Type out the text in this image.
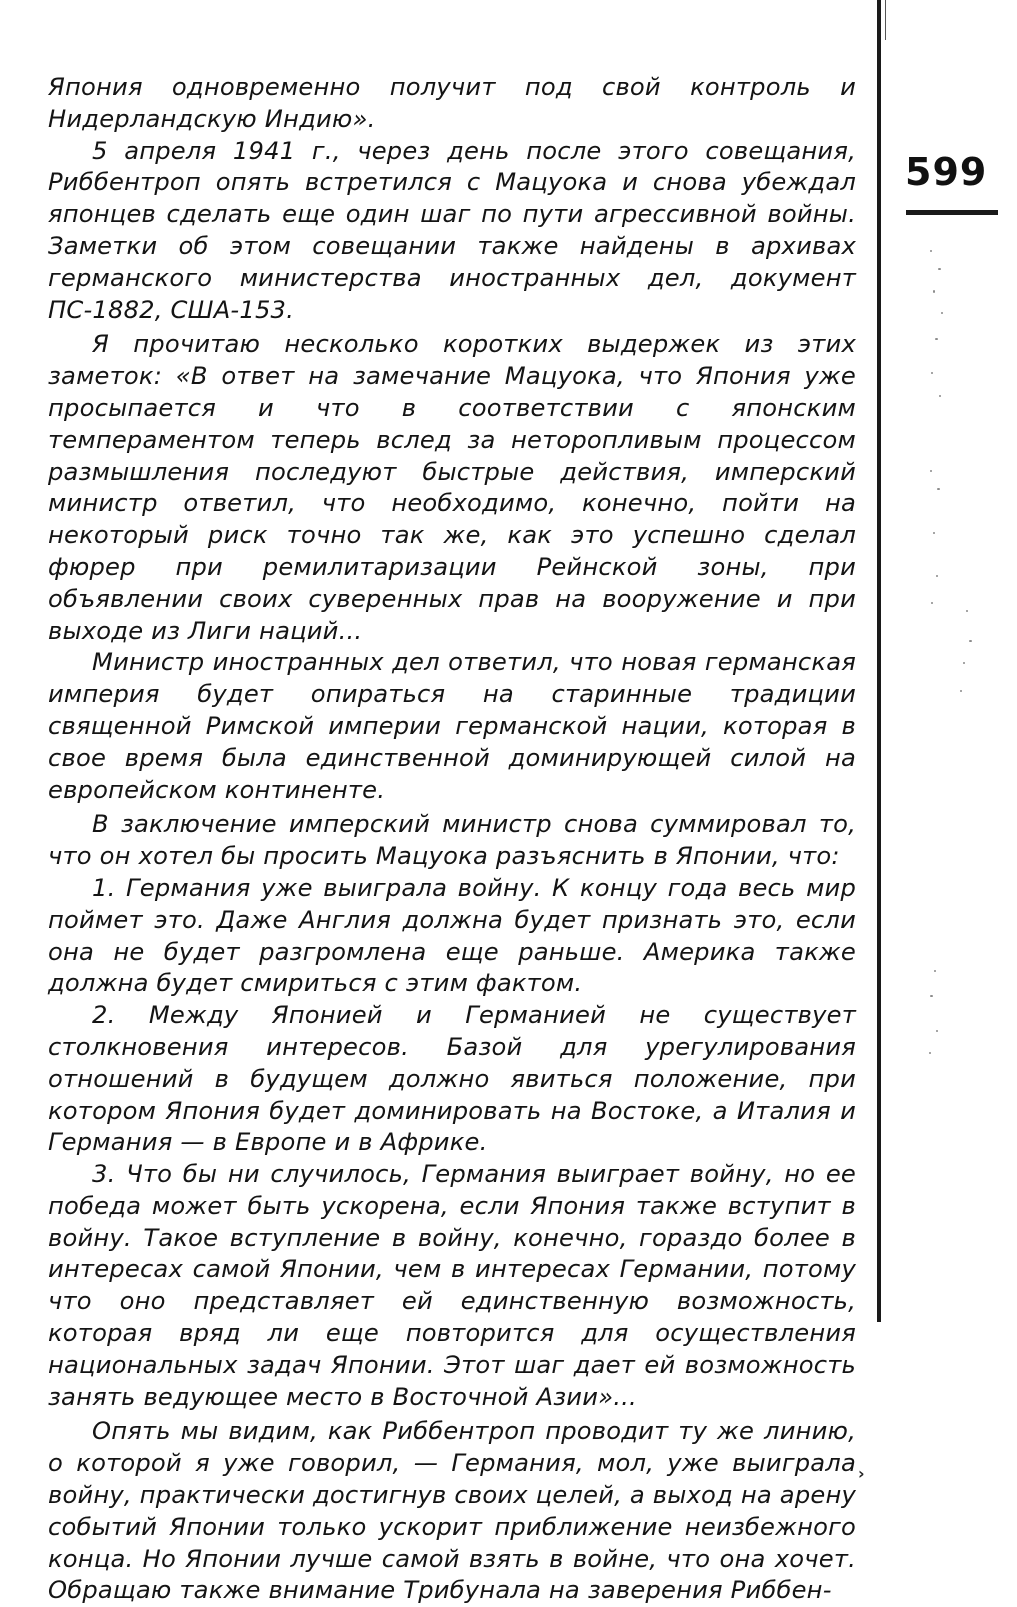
Япония одновременно получит под свой контроль и Нидерландскую Индию».

5 апреля 1941 г., через день после этого совещания, Риббентроп опять встретился с Мацуока и снова убеждал японцев сделать еще один шаг по пути агрессивной войны. Заметки об этом совещании также найдены в архивах германского министерства иностранных дел, документ ПС-1882, США-153.

Я прочитаю несколько коротких выдержек из этих заметок: «В ответ на замечание Мацуока, что Япония уже просыпается и что в соответствии с японским темпераментом теперь вслед за неторопливым процессом размышления последуют быстрые действия, имперский министр ответил, что необходимо, конечно, пойти на некоторый риск точно так же, как это успешно сделал фюрер при ремилитаризации Рейнской зоны, при объявлении своих суверенных прав на вооружение и при выходе из Лиги наций...

Министр иностранных дел ответил, что новая германская империя будет опираться на старинные традиции священной Римской империи германской нации, которая в свое время была единственной доминирующей силой на европейском континенте.

В заключение имперский министр снова суммировал то, что он хотел бы просить Мацуока разъяснить в Японии, что:

1. Германия уже выиграла войну. К концу года весь мир поймет это. Даже Англия должна будет признать это, если она не будет разгромлена еще раньше. Америка также должна будет смириться с этим фактом.

2. Между Японией и Германией не существует столкновения интересов. Базой для урегулирования отношений в будущем должно явиться положение, при котором Япония будет доминировать на Востоке, а Италия и Германия — в Европе и в Африке.

3. Что бы ни случилось, Германия выиграет войну, но ее победа может быть ускорена, если Япония также вступит в войну. Такое вступление в войну, конечно, гораздо более в интересах самой Японии, чем в интересах Германии, потому что оно представляет ей единственную возможность, которая вряд ли еще повторится для осуществления национальных задач Японии. Этот шаг дает ей возможность занять ведующее место в Восточной Азии»...

Опять мы видим, как Риббентроп проводит ту же линию, о которой я уже говорил, — Германия, мол, уже выиграла войну, практически достигнув своих целей, а выход на арену событий Японии только ускорит приближение неизбежного конца. Но Японии лучше самой взять в войне, что она хочет. Обращаю также внимание Трибунала на заверения Риббен-

599
›
